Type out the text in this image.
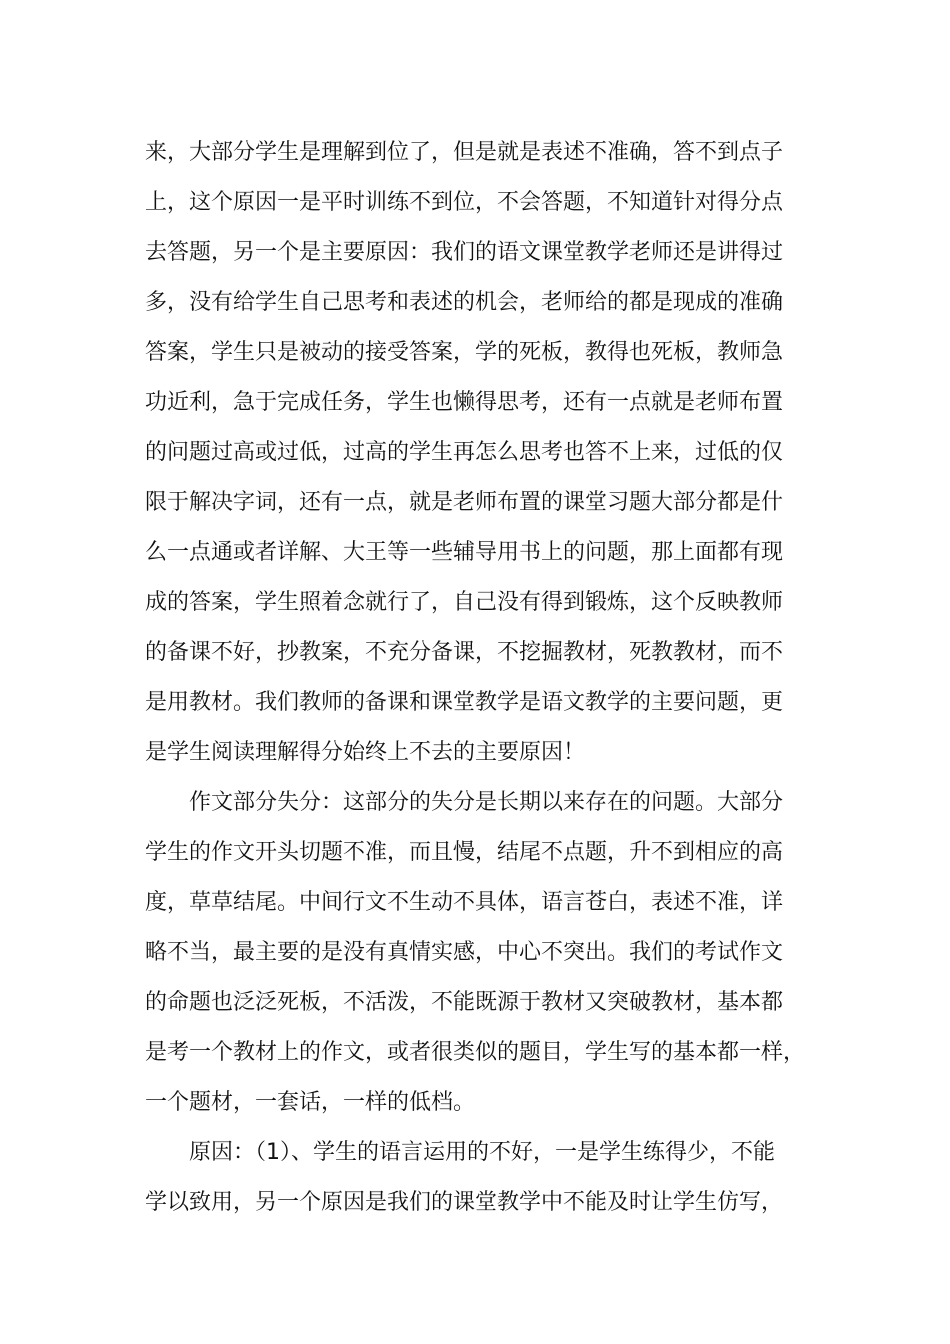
来，大部分学生是理解到位了，但是就是表述不准确，答不到点子
上，这个原因一是平时训练不到位，不会答题，不知道针对得分点
去答题，另一个是主要原因：我们的语文课堂教学老师还是讲得过
多，没有给学生自己思考和表述的机会，老师给的都是现成的准确
答案，学生只是被动的接受答案，学的死板，教得也死板，教师急
功近利，急于完成任务，学生也懒得思考，还有一点就是老师布置
的问题过高或过低，过高的学生再怎么思考也答不上来，过低的仅
限于解决字词，还有一点，就是老师布置的课堂习题大部分都是什
么一点通或者详解、大王等一些辅导用书上的问题，那上面都有现
成的答案，学生照着念就行了，自己没有得到锻炼，这个反映教师
的备课不好，抄教案，不充分备课，不挖掘教材，死教教材，而不
是用教材。我们教师的备课和课堂教学是语文教学的主要问题，更
是学生阅读理解得分始终上不去的主要原因！
作文部分失分：这部分的失分是长期以来存在的问题。大部分
学生的作文开头切题不准，而且慢，结尾不点题，升不到相应的高
度，草草结尾。中间行文不生动不具体，语言苍白，表述不准，详
略不当，最主要的是没有真情实感，中心不突出。我们的考试作文
的命题也泛泛死板，不活泼，不能既源于教材又突破教材，基本都
是考一个教材上的作文，或者很类似的题目，学生写的基本都一样，
一个题材，一套话，一样的低档。
原因：（1）、学生的语言运用的不好，一是学生练得少，不能
学以致用，另一个原因是我们的课堂教学中不能及时让学生仿写，
